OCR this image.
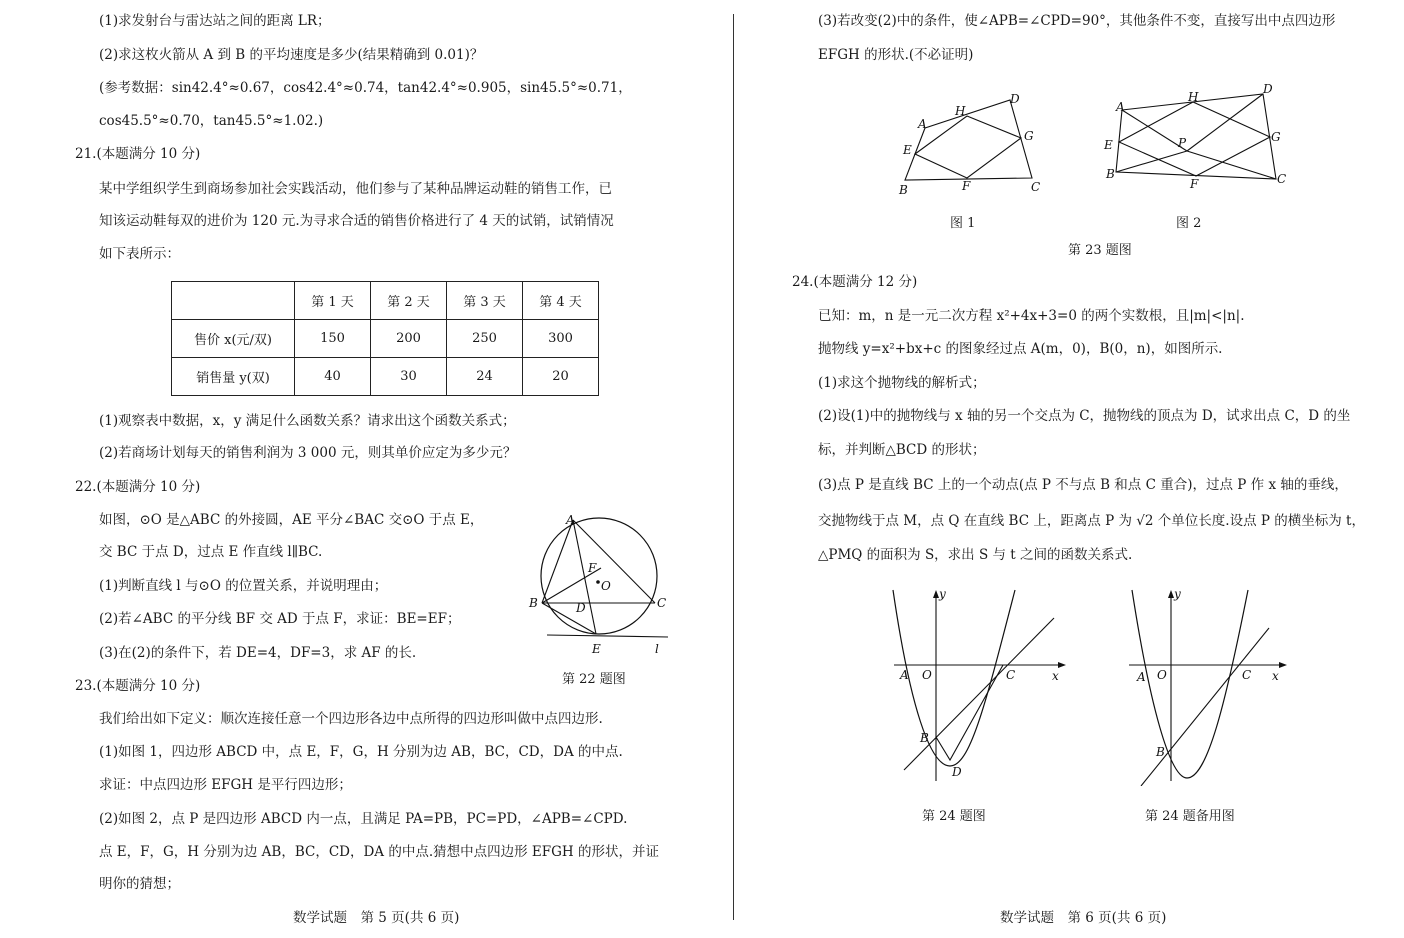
(1)求发射台与雷达站之间的距离 LR；
(2)求这枚火箭从 A 到 B 的平均速度是多少(结果精确到 0.01)？
(参考数据：sin42.4°≈0.67，cos42.4°≈0.74，tan42.4°≈0.905，sin45.5°≈0.71，
cos45.5°≈0.70，tan45.5°≈1.02.)
21.(本题满分 10 分)
某中学组织学生到商场参加社会实践活动，他们参与了某种品牌运动鞋的销售工作，已
知该运动鞋每双的进价为 120 元.为寻求合适的销售价格进行了 4 天的试销，试销情况
如下表所示：
	第 1 天	第 2 天	第 3 天	第 4 天
售价 x(元/双)	150	200	250	300
销售量 y(双)	40	30	24	20
(1)观察表中数据，x，y 满足什么函数关系？请求出这个函数关系式；
(2)若商场计划每天的销售利润为 3 000 元，则其单价应定为多少元？
22.(本题满分 10 分)
如图，⊙O 是△ABC 的外接圆，AE 平分∠BAC 交⊙O 于点 E，
交 BC 于点 D，过点 E 作直线 l∥BC.
(1)判断直线 l 与⊙O 的位置关系，并说明理由；
(2)若∠ABC 的平分线 BF 交 AD 于点 F，求证：BE=EF；
(3)在(2)的条件下，若 DE=4，DF=3，求 AF 的长.
23.(本题满分 10 分)
我们给出如下定义：顺次连接任意一个四边形各边中点所得的四边形叫做中点四边形.
(1)如图 1，四边形 ABCD 中，点 E，F，G，H 分别为边 AB，BC，CD，DA 的中点.
求证：中点四边形 EFGH 是平行四边形；
(2)如图 2，点 P 是四边形 ABCD 内一点，且满足 PA=PB，PC=PD，∠APB=∠CPD.
点 E，F，G，H 分别为边 AB，BC，CD，DA 的中点.猜想中点四边形 EFGH 的形状，并证
明你的猜想；
A
B	C
D
E
F
O
l
第 22 题图
数学试题　第 5 页(共 6 页)
(3)若改变(2)中的条件，使∠APB=∠CPD=90°，其他条件不变，直接写出中点四边形
EFGH 的形状.(不必证明)
A
B	C
D
E
F
G
H
图 1
A
B	C
D
E
F
G
H
P
图 2
第 23 题图
24.(本题满分 12 分)
已知：m，n 是一元二次方程 x²+4x+3=0 的两个实数根，且|m|<|n|.
抛物线 y=x²+bx+c 的图象经过点 A(m，0)，B(0，n)，如图所示.
(1)求这个抛物线的解析式；
(2)设(1)中的抛物线与 x 轴的另一个交点为 C，抛物线的顶点为 D，试求出点 C，D 的坐
标，并判断△BCD 的形状；
(3)点 P 是直线 BC 上的一个动点(点 P 不与点 B 和点 C 重合)，过点 P 作 x 轴的垂线，
交抛物线于点 M，点 Q 在直线 BC 上，距离点 P 为 √2 个单位长度.设点 P 的横坐标为 t，
△PMQ 的面积为 S，求出 S 与 t 之间的函数关系式.
y
x
A O	C
B
D
第 24 题图
y
x
A O	C
B
第 24 题备用图
数学试题　第 6 页(共 6 页)
